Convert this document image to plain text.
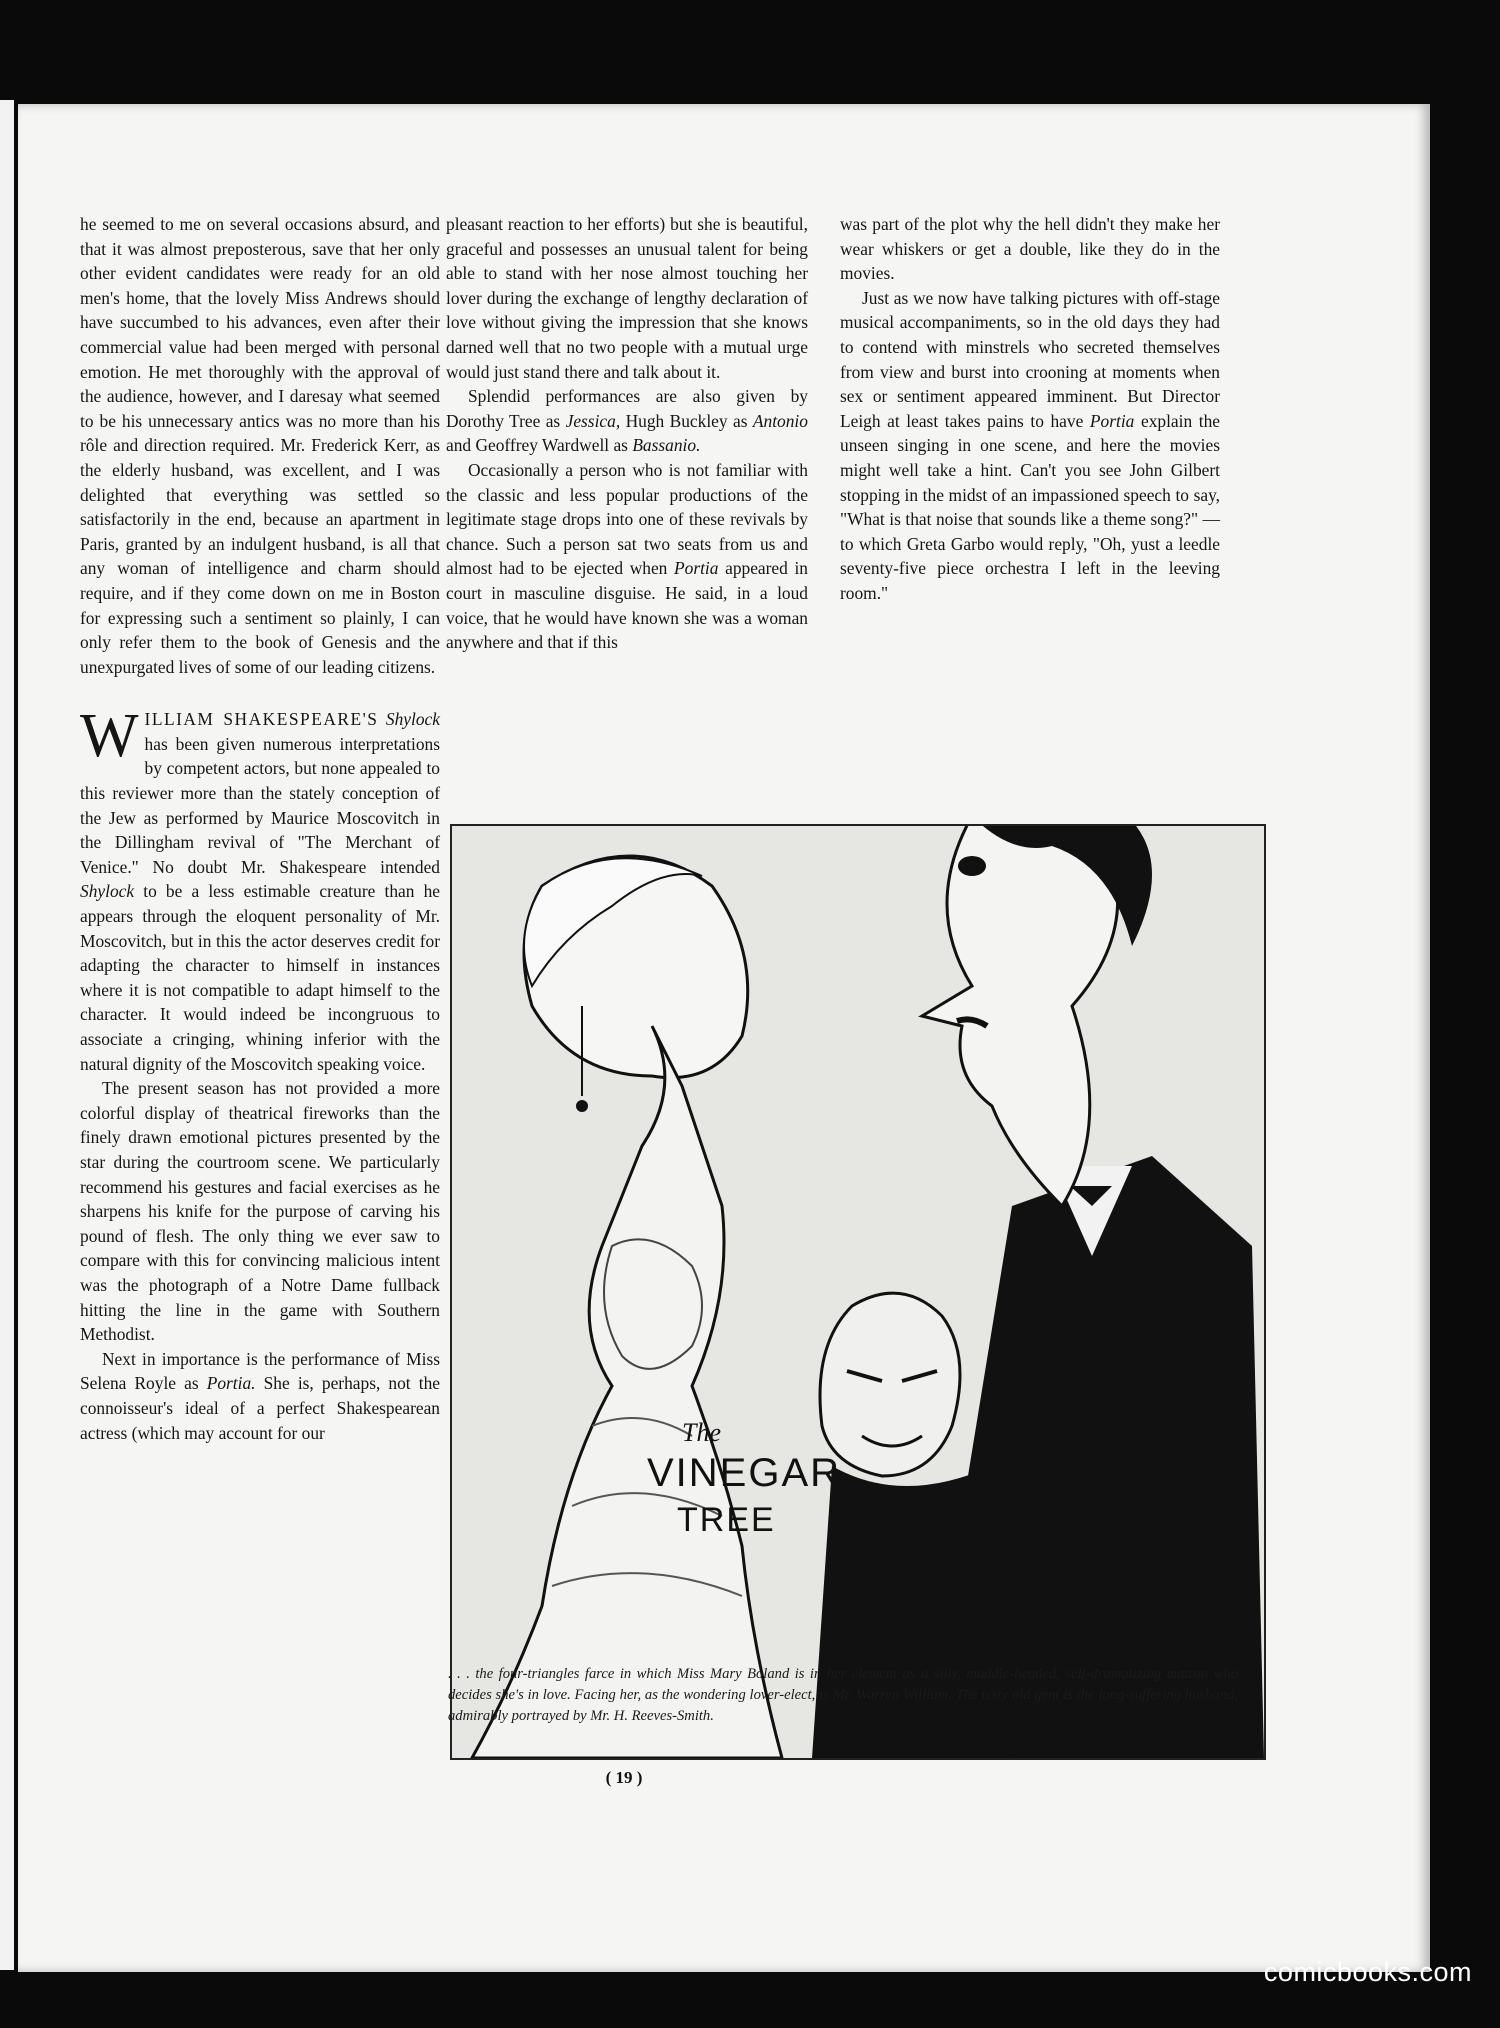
he seemed to me on several occasions absurd, and that it was almost preposterous, save that her only other evident candidates were ready for an old men's home, that the lovely Miss Andrews should have succumbed to his advances, even after their commercial value had been merged with personal emotion. He met thoroughly with the approval of the audience, however, and I daresay what seemed to be his unnecessary antics was no more than his rôle and direction required. Mr. Frederick Kerr, as the elderly husband, was excellent, and I was delighted that everything was settled so satisfactorily in the end, because an apartment in Paris, granted by an indulgent husband, is all that any woman of intelligence and charm should require, and if they come down on me in Boston for expressing such a sentiment so plainly, I can only refer them to the book of Genesis and the unexpurgated lives of some of our leading citizens.

WILLIAM SHAKESPEARE'S Shylock has been given numerous interpretations by competent actors, but none appealed to this reviewer more than the stately conception of the Jew as performed by Maurice Moscovitch in the Dillingham revival of "The Merchant of Venice." No doubt Mr. Shakespeare intended Shylock to be a less estimable creature than he appears through the eloquent personality of Mr. Moscovitch, but in this the actor deserves credit for adapting the character to himself in instances where it is not compatible to adapt himself to the character. It would indeed be incongruous to associate a cringing, whining inferior with the natural dignity of the Moscovitch speaking voice.

The present season has not provided a more colorful display of theatrical fireworks than the finely drawn emotional pictures presented by the star during the courtroom scene. We particularly recommend his gestures and facial exercises as he sharpens his knife for the purpose of carving his pound of flesh. The only thing we ever saw to compare with this for convincing malicious intent was the photograph of a Notre Dame fullback hitting the line in the game with Southern Methodist.

Next in importance is the performance of Miss Selena Royle as Portia. She is, perhaps, not the connoisseur's ideal of a perfect Shakespearean actress (which may account for our

pleasant reaction to her efforts) but she is beautiful, graceful and possesses an unusual talent for being able to stand with her nose almost touching her lover during the exchange of lengthy declaration of love without giving the impression that she knows darned well that no two people with a mutual urge would just stand there and talk about it.

Splendid performances are also given by Dorothy Tree as Jessica, Hugh Buckley as Antonio and Geoffrey Wardwell as Bassanio.

Occasionally a person who is not familiar with the classic and less popular productions of the legitimate stage drops into one of these revivals by chance. Such a person sat two seats from us and almost had to be ejected when Portia appeared in court in masculine disguise. He said, in a loud voice, that he would have known she was a woman anywhere and that if this

was part of the plot why the hell didn't they make her wear whiskers or get a double, like they do in the movies.

Just as we now have talking pictures with off-stage musical accompaniments, so in the old days they had to contend with minstrels who secreted themselves from view and burst into crooning at moments when sex or sentiment appeared imminent. But Director Leigh at least takes pains to have Portia explain the unseen singing in one scene, and here the movies might well take a hint. Can't you see John Gilbert stopping in the midst of an impassioned speech to say, "What is that noise that sounds like a theme song?" —to which Greta Garbo would reply, "Oh, yust a leedle seventy-five piece orchestra I left in the leeving room."

The
VINEGAR
TREE
ROBERT
DRAY
. . . the four-triangles farce in which Miss Mary Boland is in her element as a silly, muddle-headed, self-dramatizing matron who decides she's in love. Facing her, as the wondering lover-elect, is Mr. Warren William. The testy old gent is the long-suffering husband, admirably portrayed by Mr. H. Reeves-Smith.
( 19 )
comicbooks.com
